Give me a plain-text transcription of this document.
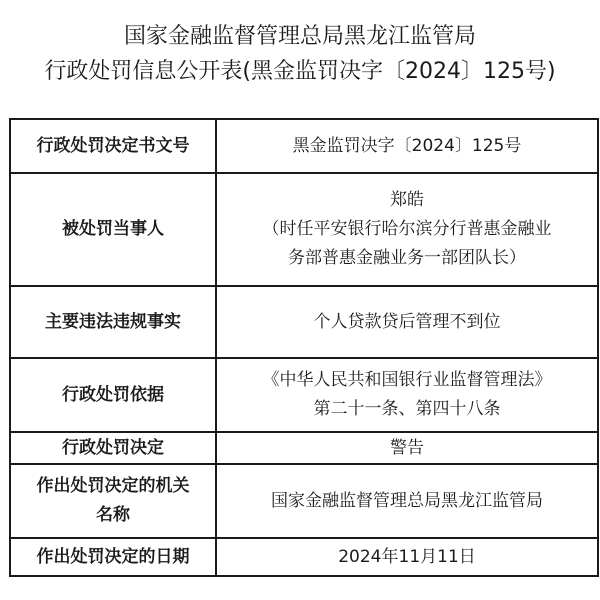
国家金融监督管理总局黑龙江监管局
行政处罚信息公开表(黑金监罚决字〔2024〕125号)
行政处罚决定书文号	黑金监罚决字〔2024〕125号

被处罚当事人	郑皓
（时任平安银行哈尔滨分行普惠金融业
务部普惠金融业务一部团队长）

主要违法违规事实	个人贷款贷后管理不到位

行政处罚依据	《中华人民共和国银行业监督管理法》
第二十一条、第四十八条

行政处罚决定	警告

作出处罚决定的机关
名称	国家金融监督管理总局黑龙江监管局

作出处罚决定的日期	2024年11月11日
